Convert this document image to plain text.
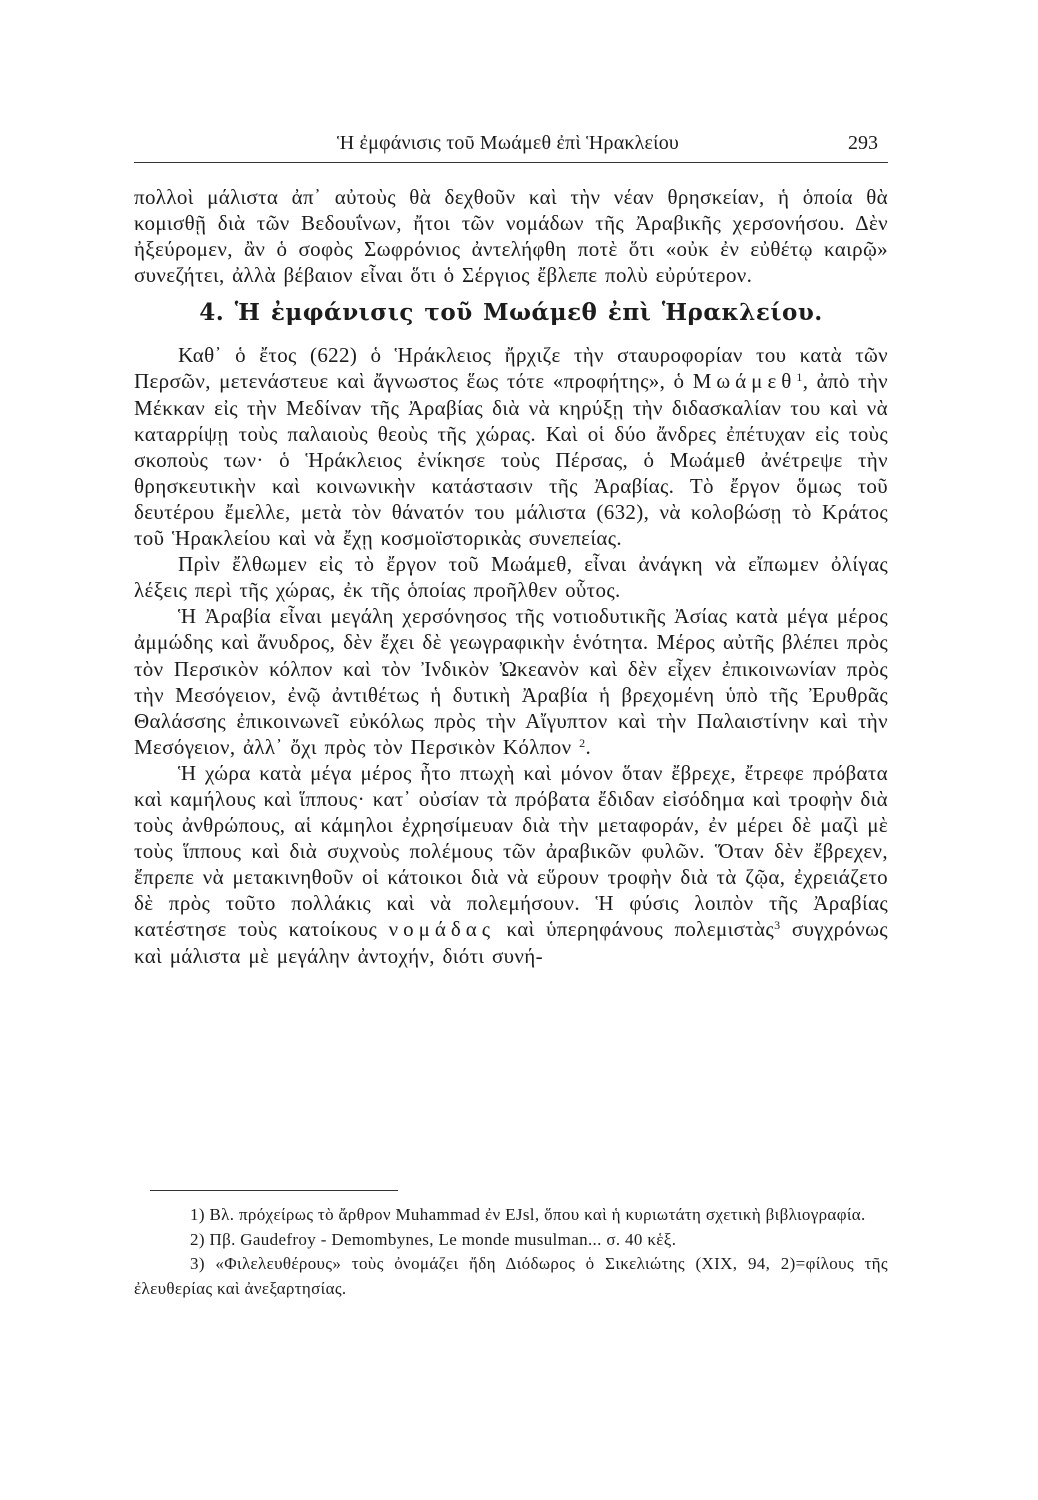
Ἡ ἐμφάνισις τοῦ Μωάμεθ ἐπὶ Ἡρακλείου	293

πολλοὶ μάλιστα ἀπ᾽ αὐτοὺς θὰ δεχθοῦν καὶ τὴν νέαν θρησκείαν, ἡ ὁποία θὰ κομισθῇ διὰ τῶν Βεδουΐνων, ἤτοι τῶν νομάδων τῆς Ἀραβικῆς χερσονήσου. Δὲν ἠξεύρομεν, ἂν ὁ σοφὸς Σωφρόνιος ἀντελήφθη ποτὲ ὅτι «οὐκ ἐν εὐθέτῳ καιρῷ» συνεζήτει, ἀλλὰ βέβαιον εἶναι ὅτι ὁ Σέργιος ἔβλεπε πολὺ εὐρύτερον.

4. Ἡ ἐμφάνισις τοῦ Μωάμεθ ἐπὶ Ἡρακλείου.

Καθ᾽ ὁ ἔτος (622) ὁ Ἡράκλειος ἤρχιζε τὴν σταυροφορίαν του κατὰ τῶν Περσῶν, μετενάστευε καὶ ἄγνωστος ἕως τότε «προφήτης», ὁ Μωάμεθ$^1$, ἀπὸ τὴν Μέκκαν εἰς τὴν Μεδίναν τῆς Ἀραβίας διὰ νὰ κηρύξῃ τὴν διδασκαλίαν του καὶ νὰ καταρρίψῃ τοὺς παλαιοὺς θεοὺς τῆς χώρας. Καὶ οἱ δύο ἄνδρες ἐπέτυχαν εἰς τοὺς σκοποὺς των· ὁ Ἡράκλειος ἐνίκησε τοὺς Πέρσας, ὁ Μωάμεθ ἀνέτρεψε τὴν θρησκευτικὴν καὶ κοινωνικὴν κατάστασιν τῆς Ἀραβίας. Τὸ ἔργον ὅμως τοῦ δευτέρου ἔμελλε, μετὰ τὸν θάνατόν του μάλιστα (632), νὰ κολοβώσῃ τὸ Κράτος τοῦ Ἡρακλείου καὶ νὰ ἔχῃ κοσμοϊστορικὰς συνεπείας.

Πρὶν ἔλθωμεν εἰς τὸ ἔργον τοῦ Μωάμεθ, εἶναι ἀνάγκη νὰ εἴπωμεν ὀλίγας λέξεις περὶ τῆς χώρας, ἐκ τῆς ὁποίας προῆλθεν οὗτος.

Ἡ Ἀραβία εἶναι μεγάλη χερσόνησος τῆς νοτιοδυτικῆς Ἀσίας κατὰ μέγα μέρος ἀμμώδης καὶ ἄνυδρος, δὲν ἔχει δὲ γεωγραφικὴν ἑνότητα. Μέρος αὐτῆς βλέπει πρὸς τὸν Περσικὸν κόλπον καὶ τὸν Ἰνδικὸν Ὠκεανὸν καὶ δὲν εἶχεν ἐπικοινωνίαν πρὸς τὴν Μεσόγειον, ἐνῷ ἀντιθέτως ἡ δυτικὴ Ἀραβία ἡ βρεχομένη ὑπὸ τῆς Ἐρυθρᾶς Θαλάσσης ἐπικοινωνεῖ εὐκόλως πρὸς τὴν Αἴγυπτον καὶ τὴν Παλαιστίνην καὶ τὴν Μεσόγειον, ἀλλ᾽ ὄχι πρὸς τὸν Περσικὸν Κόλπον $^2$.

Ἡ χώρα κατὰ μέγα μέρος ἦτο πτωχὴ καὶ μόνον ὅταν ἔβρεχε, ἔτρεφε πρόβατα καὶ καμήλους καὶ ἵππους· κατ᾽ οὐσίαν τὰ πρόβατα ἔδιδαν εἰσόδημα καὶ τροφὴν διὰ τοὺς ἀνθρώπους, αἱ κάμηλοι ἐχρησίμευαν διὰ τὴν μεταφοράν, ἐν μέρει δὲ μαζὶ μὲ τοὺς ἵππους καὶ διὰ συχνοὺς πολέμους τῶν ἀραβικῶν φυλῶν. Ὅταν δὲν ἔβρεχεν, ἔπρεπε νὰ μετακινηθοῦν οἱ κάτοικοι διὰ νὰ εὕρουν τροφὴν διὰ τὰ ζῷα, ἐχρειάζετο δὲ πρὸς τοῦτο πολλάκις καὶ νὰ πολεμήσουν. Ἡ φύσις λοιπὸν τῆς Ἀραβίας κατέστησε τοὺς κατοίκους νομάδας καὶ ὑπερηφάνους πολεμιστὰς$^3$ συγχρόνως καὶ μάλιστα μὲ μεγάλην ἀντοχήν, διότι συνή-

1) Βλ. πρόχείρως τὸ ἄρθρον Muhammad ἐν EJsl, ὅπου καὶ ἡ κυριωτάτη σχετικὴ βιβλιογραφία.

2) Πβ. Gaudefroy - Demombynes, Le monde musulman... σ. 40 κἑξ.

3) «Φιλελευθέρους» τοὺς ὀνομάζει ἤδη Διόδωρος ὁ Σικελιώτης (XIX, 94, 2)=φίλους τῆς ἐλευθερίας καὶ ἀνεξαρτησίας.
